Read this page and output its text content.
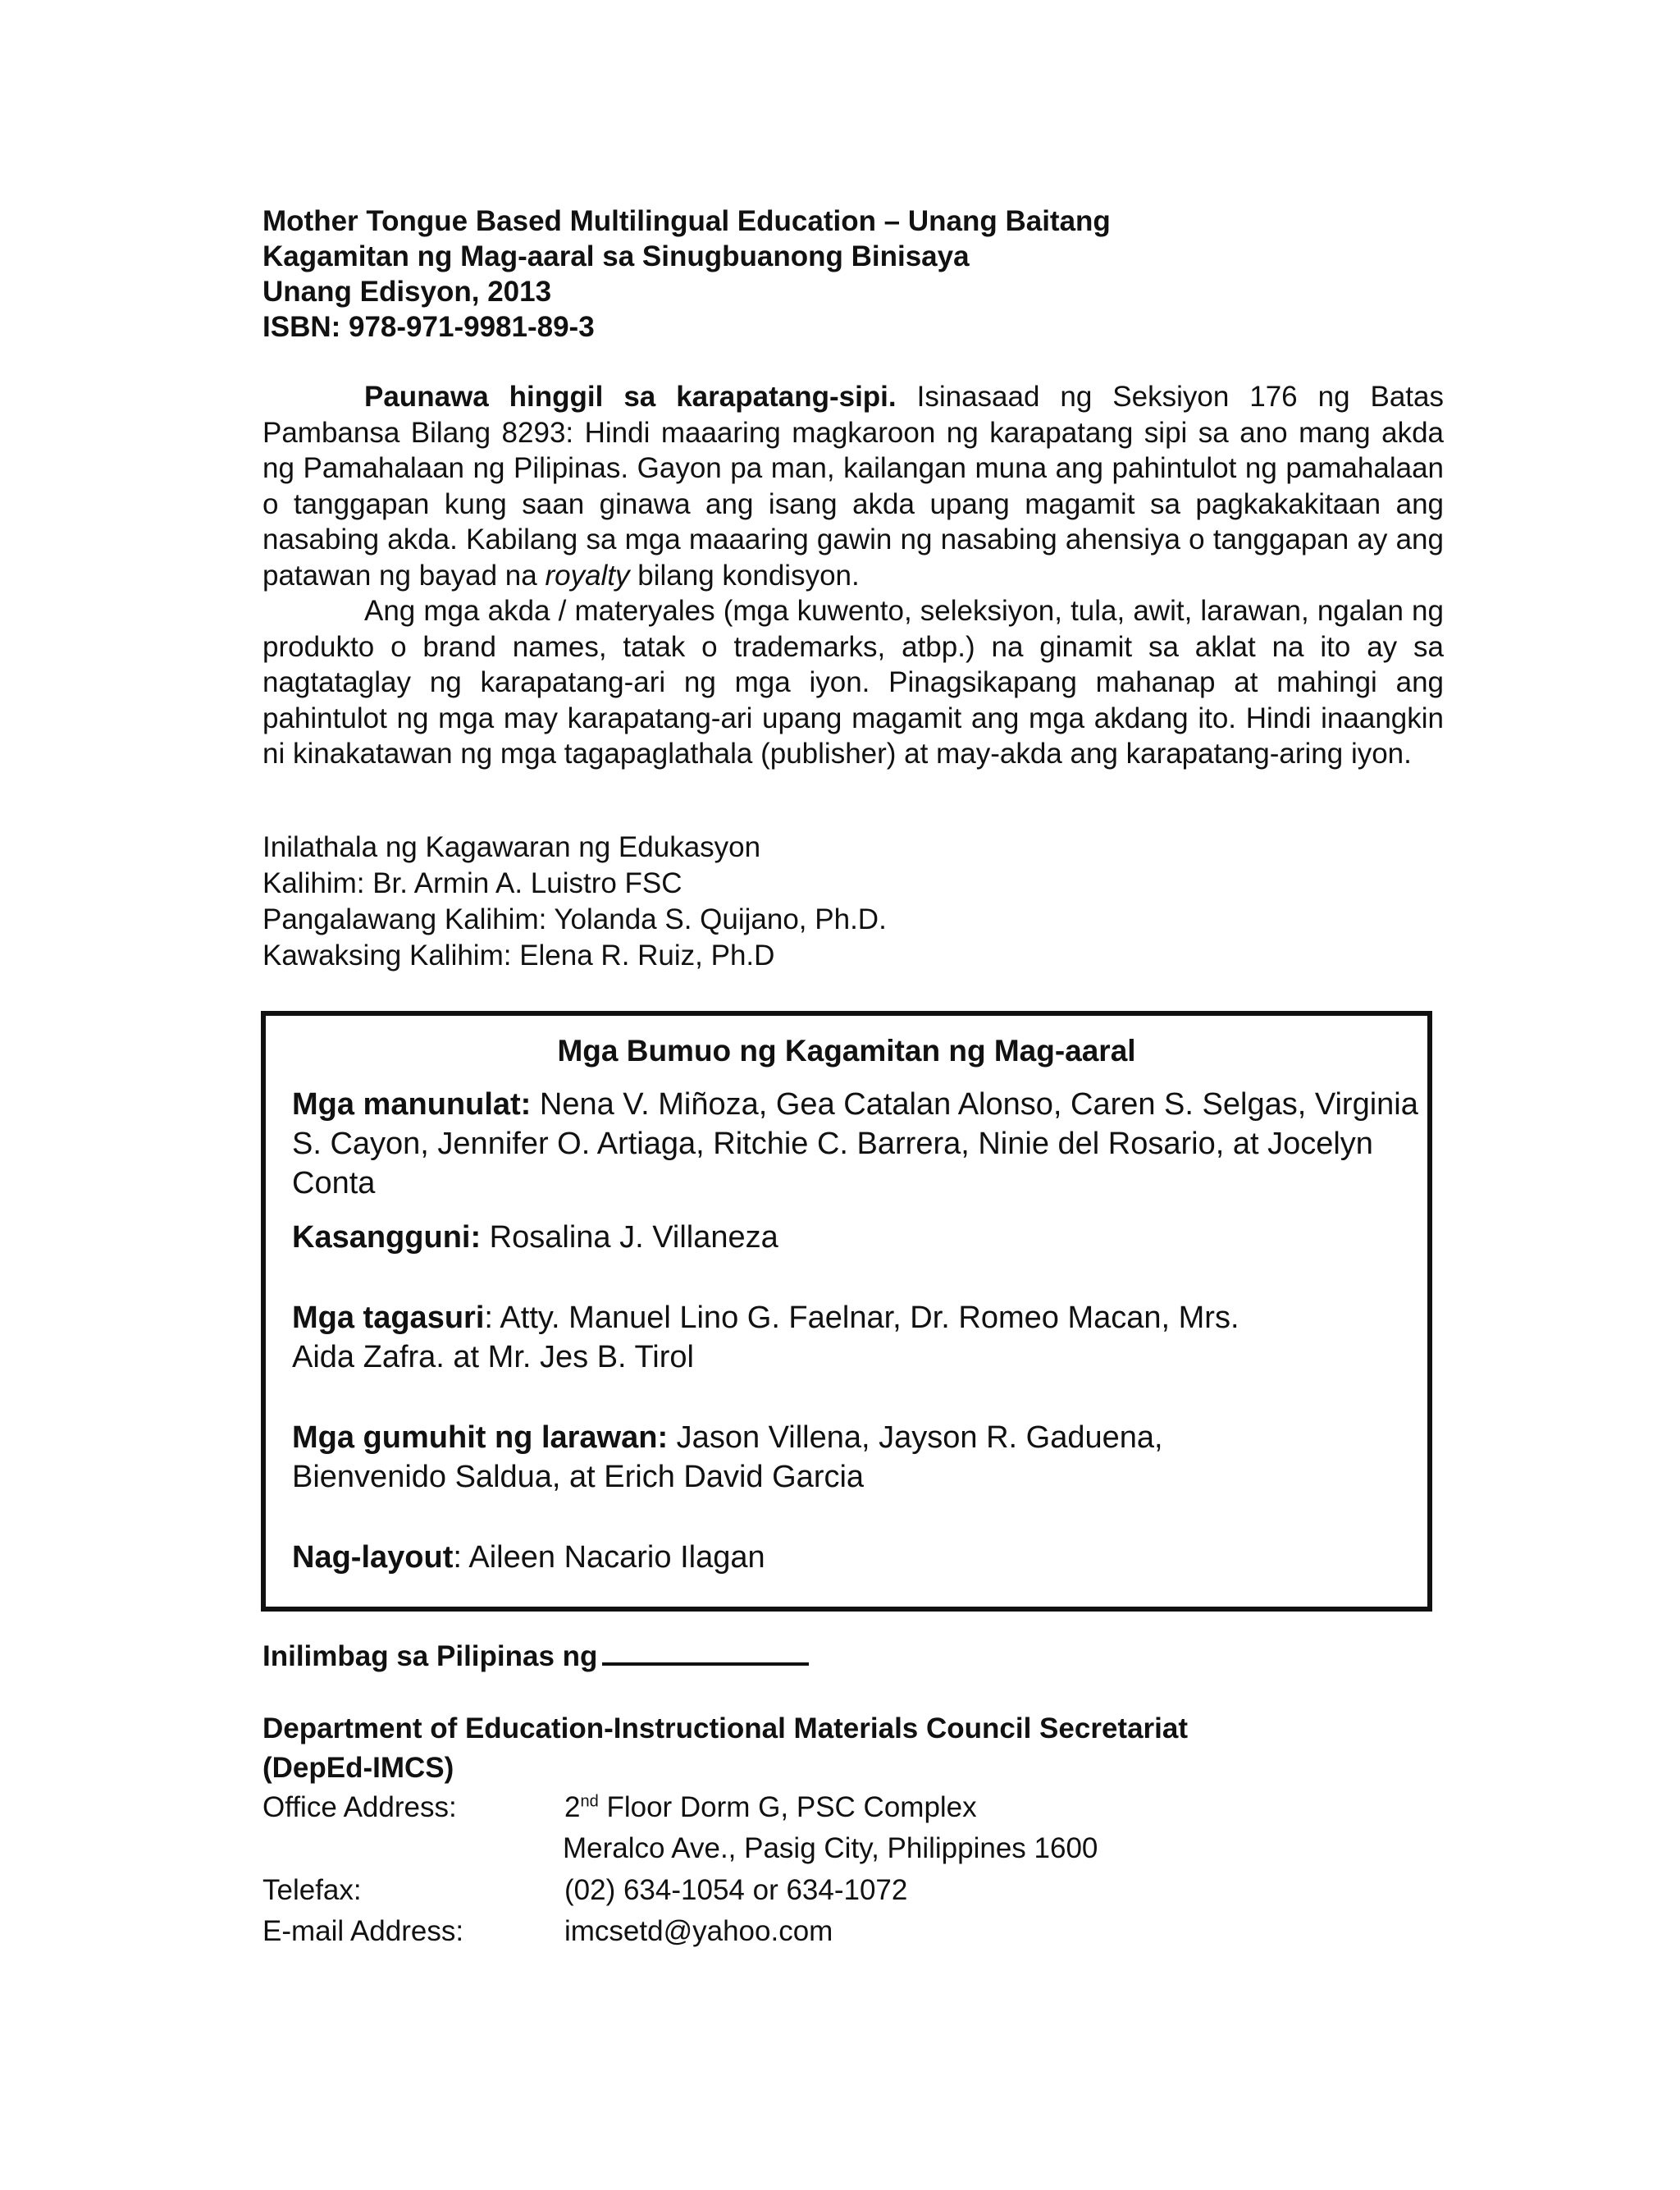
Mother Tongue Based Multilingual Education – Unang Baitang
Kagamitan ng Mag-aaral sa Sinugbuanong Binisaya
Unang Edisyon, 2013
ISBN: 978-971-9981-89-3

Paunawa hinggil sa karapatang-sipi. Isinasaad ng Seksiyon 176 ng Batas Pambansa Bilang 8293: Hindi maaaring magkaroon ng karapatang sipi sa ano mang akda ng Pamahalaan ng Pilipinas. Gayon pa man, kailangan muna ang pahintulot ng pamahalaan o tanggapan kung saan ginawa ang isang akda upang magamit sa pagkakakitaan ang nasabing akda. Kabilang sa mga maaaring gawin ng nasabing ahensiya o tanggapan ay ang patawan ng bayad na royalty bilang kondisyon.

Ang mga akda / materyales (mga kuwento, seleksiyon, tula, awit, larawan, ngalan ng produkto o brand names, tatak o trademarks, atbp.) na ginamit sa aklat na ito ay sa nagtataglay ng karapatang-ari ng mga iyon. Pinagsikapang mahanap at mahingi ang pahintulot ng mga may karapatang-ari upang magamit ang mga akdang ito. Hindi inaangkin ni kinakatawan ng mga tagapaglathala (publisher) at may-akda ang karapatang-aring iyon.

Inilathala ng Kagawaran ng Edukasyon
Kalihim: Br. Armin A. Luistro FSC
Pangalawang Kalihim: Yolanda S. Quijano, Ph.D.
Kawaksing Kalihim: Elena R. Ruiz, Ph.D
Mga Bumuo ng Kagamitan ng Mag-aaral
Mga manunulat: Nena V. Miñoza, Gea Catalan Alonso, Caren S. Selgas, Virginia S. Cayon, Jennifer O. Artiaga, Ritchie C. Barrera, Ninie del Rosario, at Jocelyn Conta
Kasangguni: Rosalina J. Villaneza
Mga tagasuri: Atty. Manuel Lino G. Faelnar, Dr. Romeo Macan, Mrs. Aida Zafra. at Mr. Jes B. Tirol
Mga gumuhit ng larawan: Jason Villena, Jayson R. Gaduena, Bienvenido Saldua, at Erich David Garcia
Nag-layout: Aileen Nacario Ilagan
Inilimbag sa Pilipinas ng
Department of Education-Instructional Materials Council Secretariat
(DepEd-IMCS)
Office Address:	2nd Floor Dorm G, PSC Complex
Meralco Ave., Pasig City, Philippines 1600
Telefax:	(02) 634-1054 or 634-1072
E-mail Address:	imcsetd@yahoo.com
